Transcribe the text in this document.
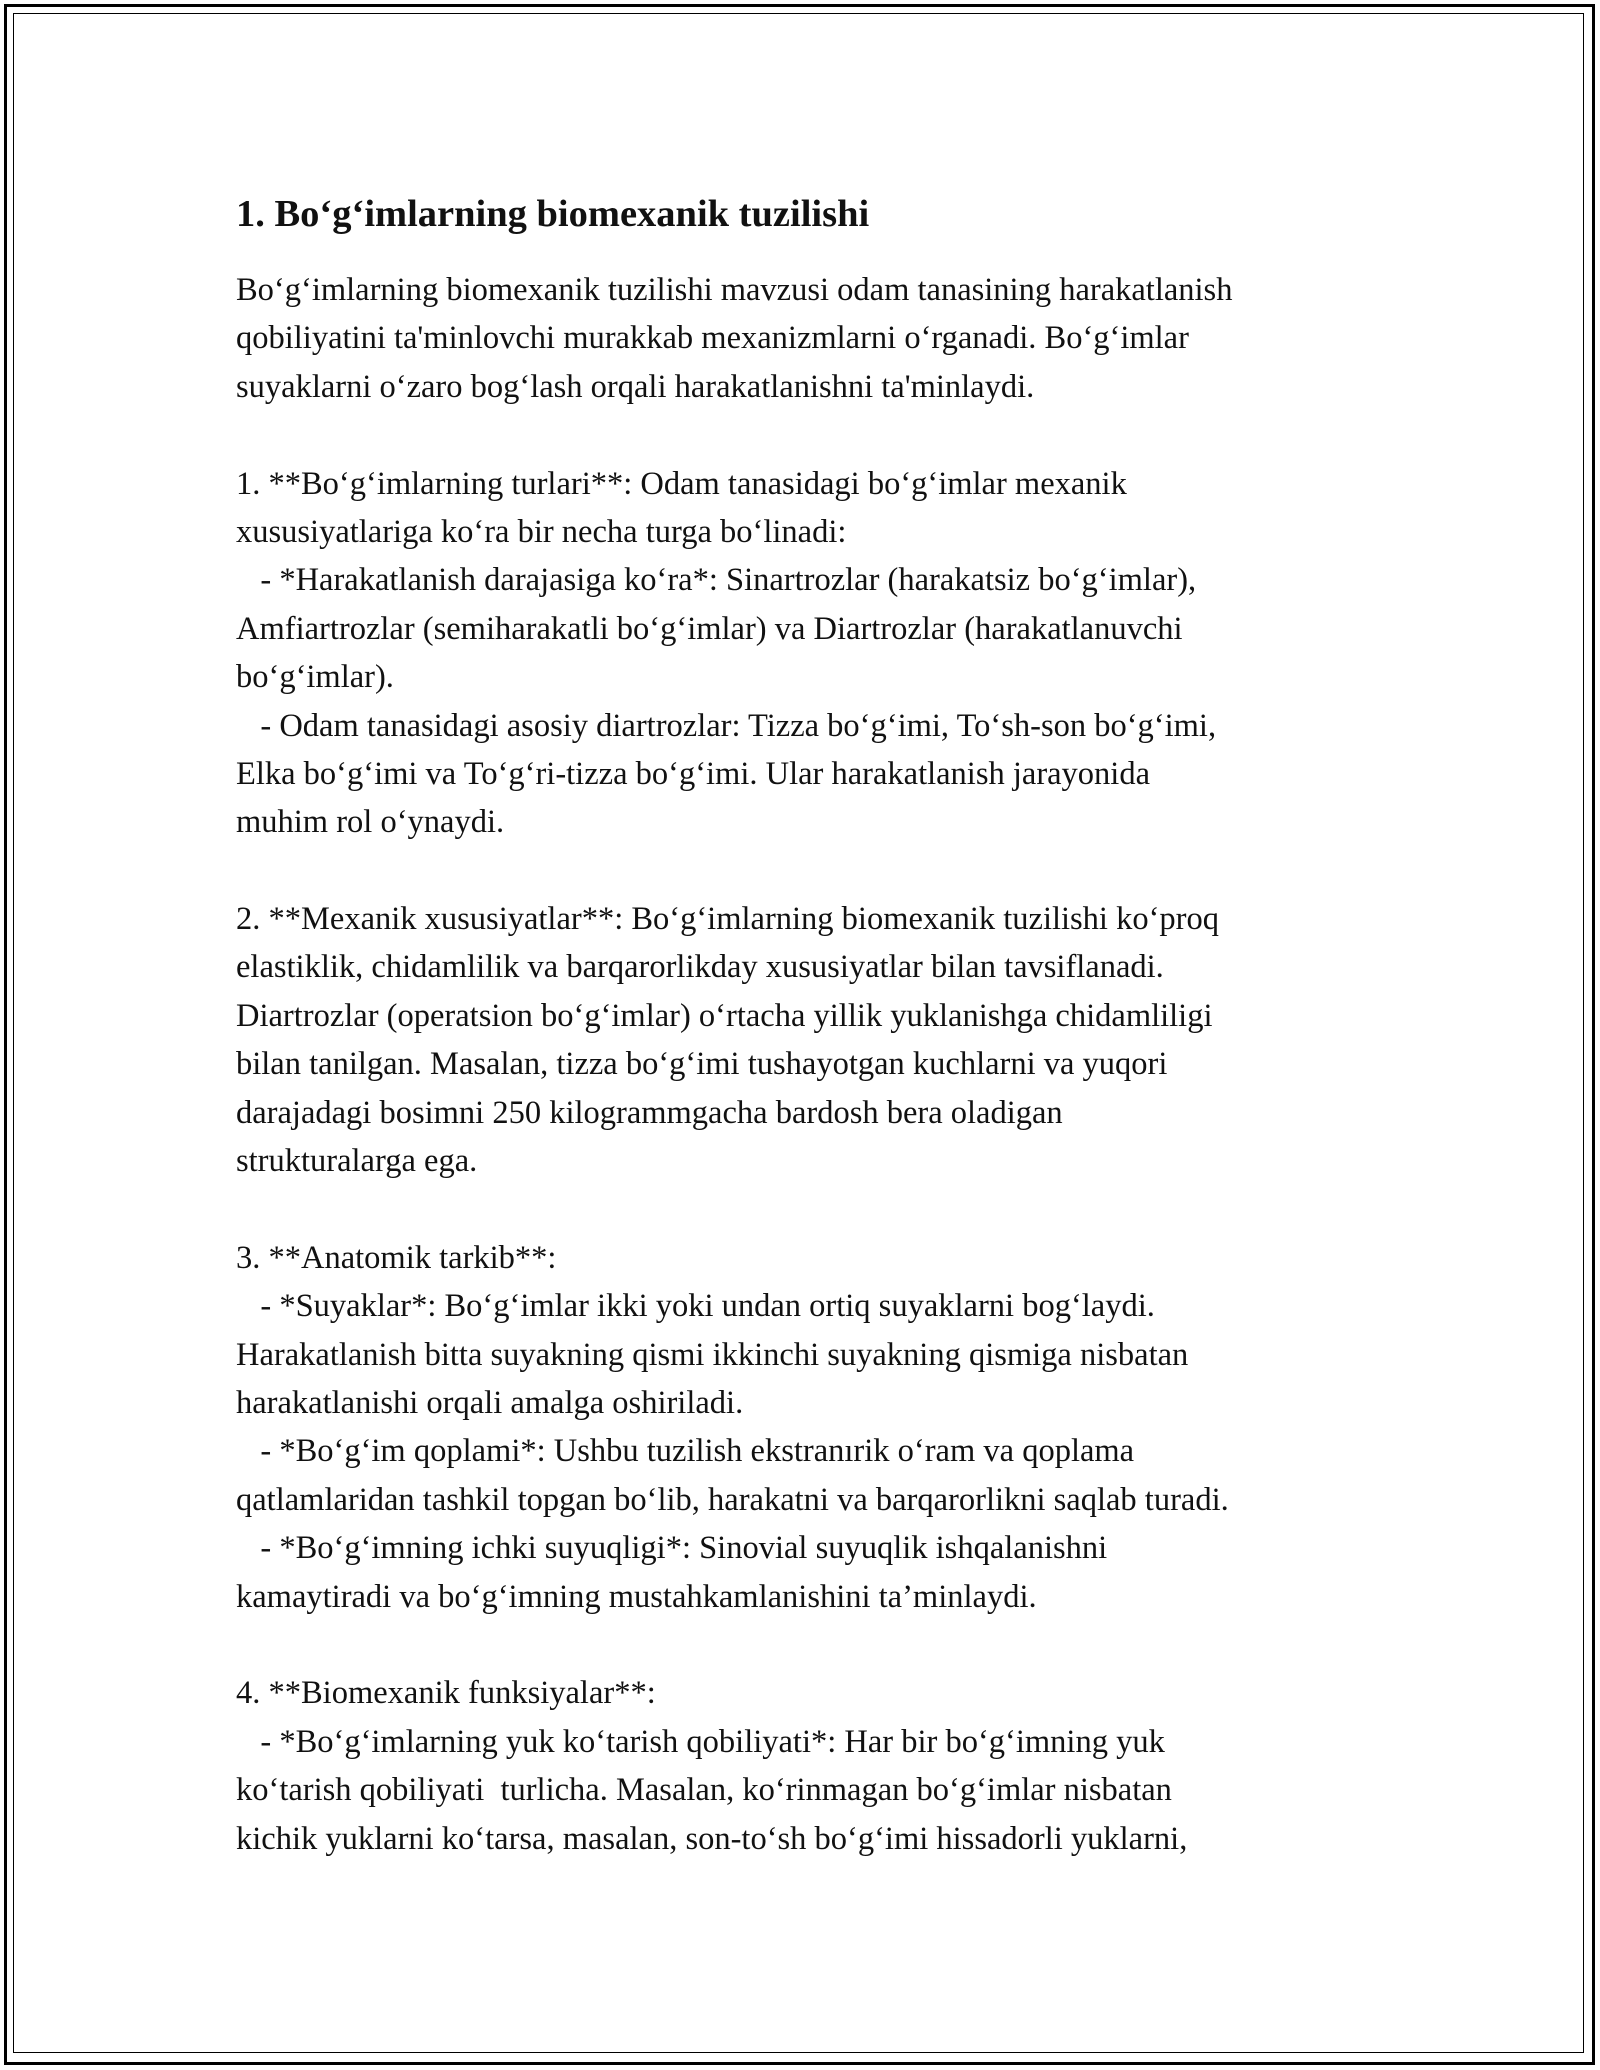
1. Bo‘g‘imlarning biomexanik tuzilishi
Bo‘g‘imlarning biomexanik tuzilishi mavzusi odam tanasining harakatlanish
qobiliyatini ta'minlovchi murakkab mexanizmlarni o‘rganadi. Bo‘g‘imlar
suyaklarni o‘zaro bog‘lash orqali harakatlanishni ta'minlaydi.
1. **Bo‘g‘imlarning turlari**: Odam tanasidagi bo‘g‘imlar mexanik
xususiyatlariga ko‘ra bir necha turga bo‘linadi:
- *Harakatlanish darajasiga ko‘ra*: Sinartrozlar (harakatsiz bo‘g‘imlar),
Amfiartrozlar (semiharakatli bo‘g‘imlar) va Diartrozlar (harakatlanuvchi
bo‘g‘imlar).
- Odam tanasidagi asosiy diartrozlar: Tizza bo‘g‘imi, To‘sh-son bo‘g‘imi,
Elka bo‘g‘imi va To‘g‘ri-tizza bo‘g‘imi. Ular harakatlanish jarayonida
muhim rol o‘ynaydi.
2. **Mexanik xususiyatlar**: Bo‘g‘imlarning biomexanik tuzilishi ko‘proq
elastiklik, chidamlilik va barqarorlikday xususiyatlar bilan tavsiflanadi.
Diartrozlar (operatsion bo‘g‘imlar) o‘rtacha yillik yuklanishga chidamliligi
bilan tanilgan. Masalan, tizza bo‘g‘imi tushayotgan kuchlarni va yuqori
darajadagi bosimni 250 kilogrammgacha bardosh bera oladigan
strukturalarga ega.
3. **Anatomik tarkib**:
- *Suyaklar*: Bo‘g‘imlar ikki yoki undan ortiq suyaklarni bog‘laydi.
Harakatlanish bitta suyakning qismi ikkinchi suyakning qismiga nisbatan
harakatlanishi orqali amalga oshiriladi.
- *Bo‘g‘im qoplami*: Ushbu tuzilish ekstranırik o‘ram va qoplama
qatlamlaridan tashkil topgan bo‘lib, harakatni va barqarorlikni saqlab turadi.
- *Bo‘g‘imning ichki suyuqligi*: Sinovial suyuqlik ishqalanishni
kamaytiradi va bo‘g‘imning mustahkamlanishini ta’minlaydi.
4. **Biomexanik funksiyalar**:
- *Bo‘g‘imlarning yuk ko‘tarish qobiliyati*: Har bir bo‘g‘imning yuk
ko‘tarish qobiliyati  turlicha. Masalan, ko‘rinmagan bo‘g‘imlar nisbatan
kichik yuklarni ko‘tarsa, masalan, son-to‘sh bo‘g‘imi hissadorli yuklarni,
